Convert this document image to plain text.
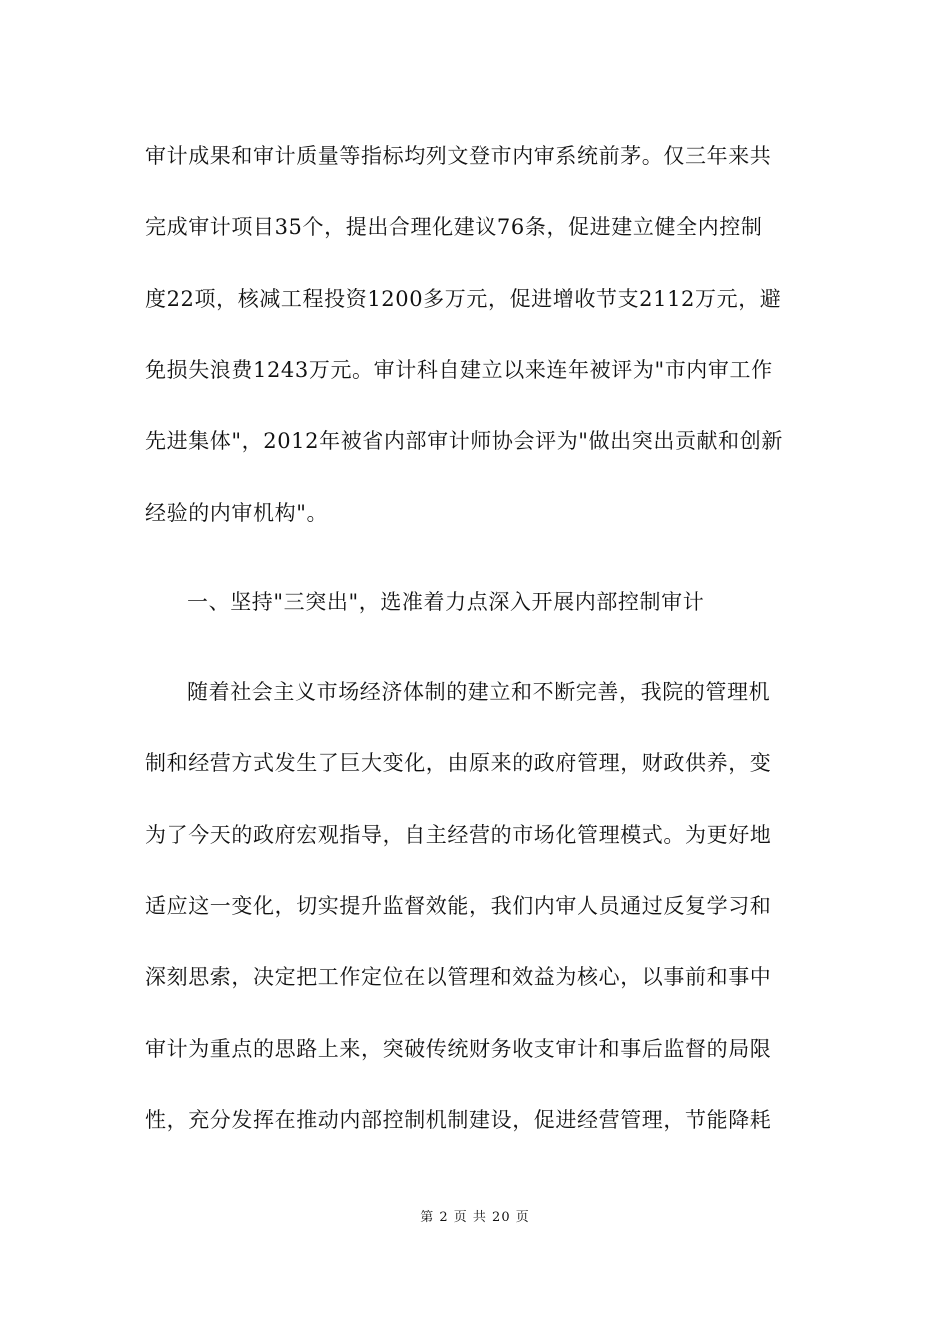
审计成果和审计质量等指标均列文登市内审系统前茅。仅三年来共
完成审计项目35个，提出合理化建议76条，促进建立健全内控制
度22项，核减工程投资1200多万元，促进增收节支2112万元，避
免损失浪费1243万元。审计科自建立以来连年被评为"市内审工作
先进集体"，2012年被省内部审计师协会评为"做出突出贡献和创新
经验的内审机构"。
一、坚持"三突出"，选准着力点深入开展内部控制审计
随着社会主义市场经济体制的建立和不断完善，我院的管理机
制和经营方式发生了巨大变化，由原来的政府管理，财政供养，变
为了今天的政府宏观指导，自主经营的市场化管理模式。为更好地
适应这一变化，切实提升监督效能，我们内审人员通过反复学习和
深刻思索，决定把工作定位在以管理和效益为核心，以事前和事中
审计为重点的思路上来，突破传统财务收支审计和事后监督的局限
性，充分发挥在推动内部控制机制建设，促进经营管理，节能降耗
第 2 页 共 20 页
